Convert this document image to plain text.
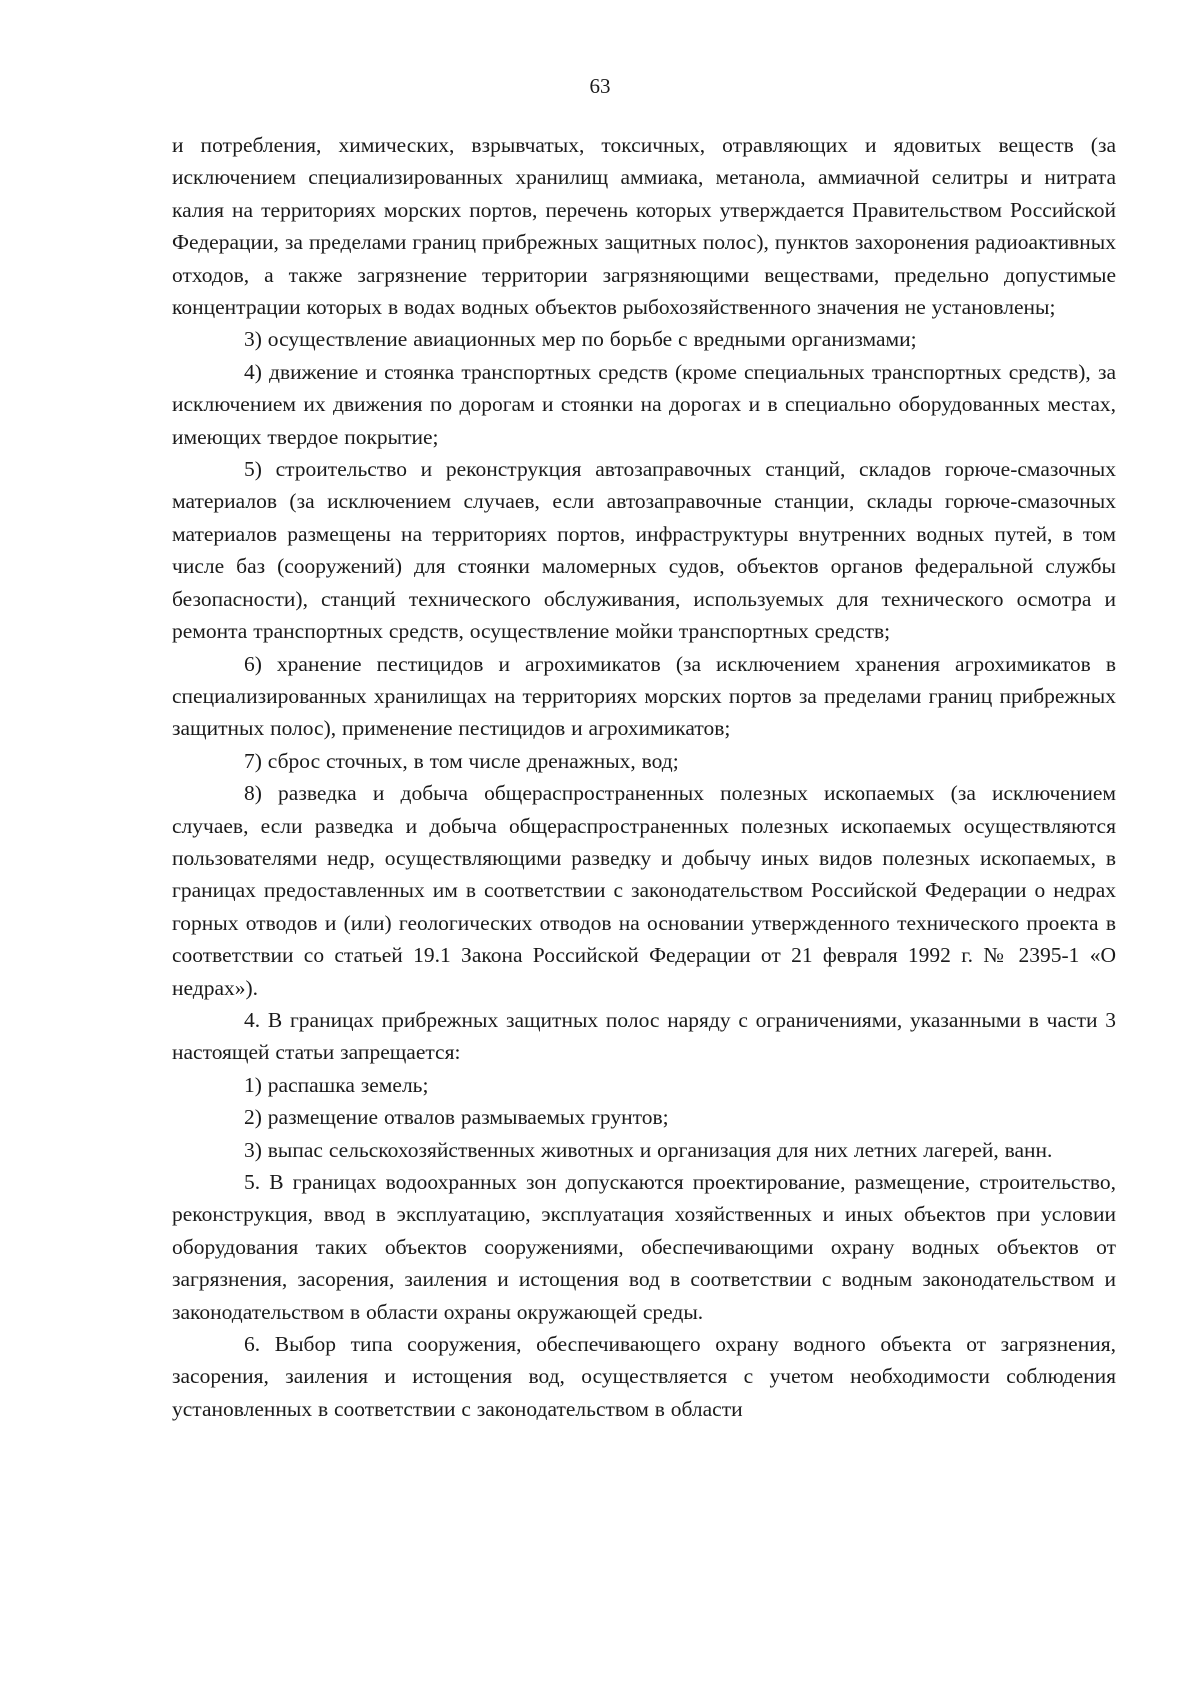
63

и потребления, химических, взрывчатых, токсичных, отравляющих и ядовитых веществ (за исключением специализированных хранилищ аммиака, метанола, аммиачной селитры и нитрата калия на территориях морских портов, перечень которых утверждается Правительством Российской Федерации, за пределами границ прибрежных защитных полос), пунктов захоронения радиоактивных отходов, а также загрязнение территории загрязняющими веществами, предельно допустимые концентрации которых в водах водных объектов рыбохозяйственного значения не установлены;

3) осуществление авиационных мер по борьбе с вредными организмами;

4) движение и стоянка транспортных средств (кроме специальных транспортных средств), за исключением их движения по дорогам и стоянки на дорогах и в специально оборудованных местах, имеющих твердое покрытие;

5) строительство и реконструкция автозаправочных станций, складов горюче-смазочных материалов (за исключением случаев, если автозаправочные станции, склады горюче-смазочных материалов размещены на территориях портов, инфраструктуры внутренних водных путей, в том числе баз (сооружений) для стоянки маломерных судов, объектов органов федеральной службы безопасности), станций технического обслуживания, используемых для технического осмотра и ремонта транспортных средств, осуществление мойки транспортных средств;

6) хранение пестицидов и агрохимикатов (за исключением хранения агрохимикатов в специализированных хранилищах на территориях морских портов за пределами границ прибрежных защитных полос), применение пестицидов и агрохимикатов;

7) сброс сточных, в том числе дренажных, вод;

8) разведка и добыча общераспространенных полезных ископаемых (за исключением случаев, если разведка и добыча общераспространенных полезных ископаемых осуществляются пользователями недр, осуществляющими разведку и добычу иных видов полезных ископаемых, в границах предоставленных им в соответствии с законодательством Российской Федерации о недрах горных отводов и (или) геологических отводов на основании утвержденного технического проекта в соответствии со статьей 19.1 Закона Российской Федерации от 21 февраля 1992 г. № 2395-1 «О недрах»).

4. В границах прибрежных защитных полос наряду с ограничениями, указанными в части 3 настоящей статьи запрещается:

1) распашка земель;

2) размещение отвалов размываемых грунтов;

3) выпас сельскохозяйственных животных и организация для них летних лагерей, ванн.

5. В границах водоохранных зон допускаются проектирование, размещение, строительство, реконструкция, ввод в эксплуатацию, эксплуатация хозяйственных и иных объектов при условии оборудования таких объектов сооружениями, обеспечивающими охрану водных объектов от загрязнения, засорения, заиления и истощения вод в соответствии с водным законодательством и законодательством в области охраны окружающей среды.

6. Выбор типа сооружения, обеспечивающего охрану водного объекта от загрязнения, засорения, заиления и истощения вод, осуществляется с учетом необходимости соблюдения установленных в соответствии с законодательством в области
